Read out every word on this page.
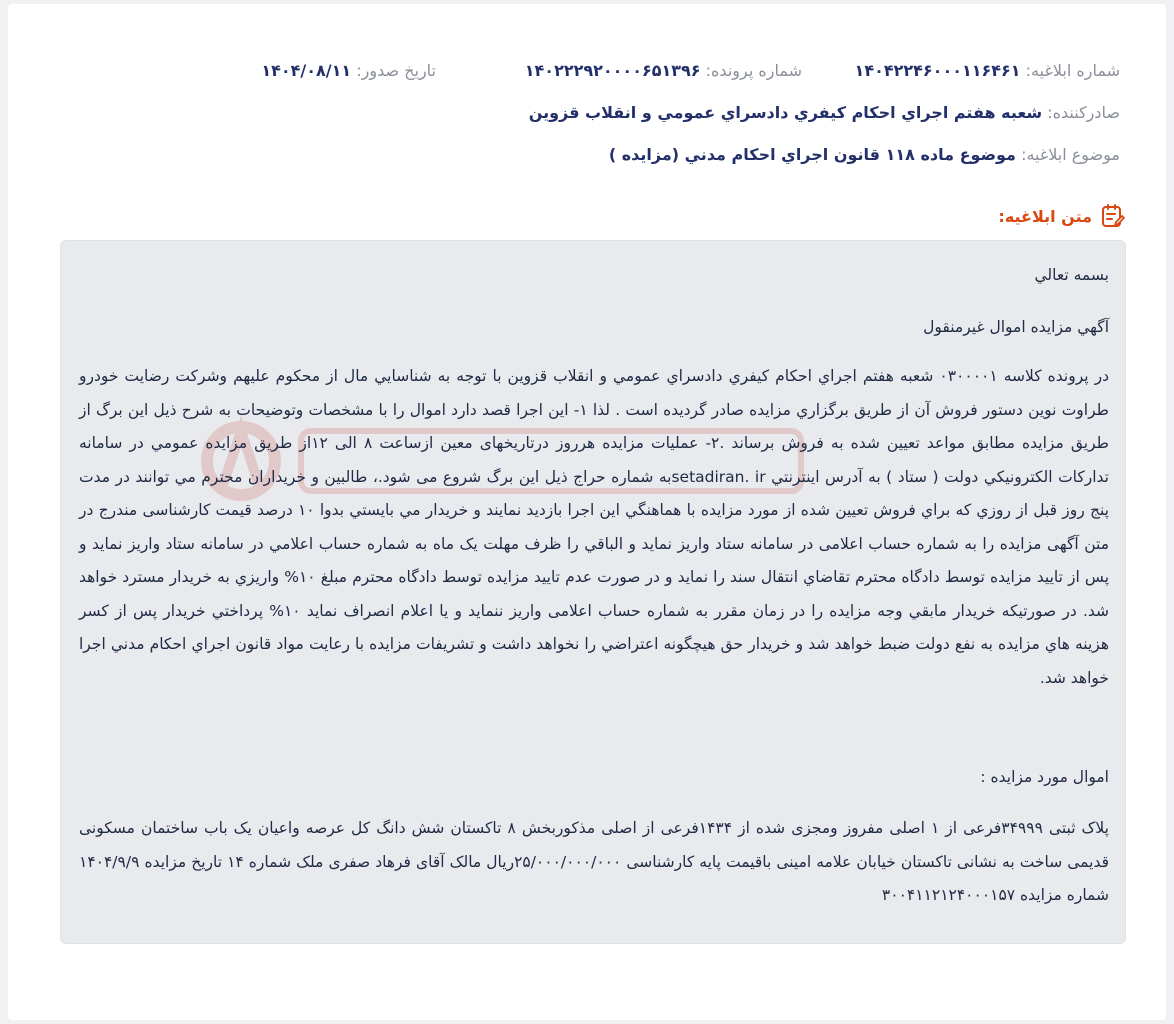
شماره ابلاغيه: ۱۴۰۴۲۲۴۶۰۰۰۱۱۶۴۶۱
شماره پرونده: ۱۴۰۲۲۲۹۲۰۰۰۰۶۵۱۳۹۶
تاريخ صدور: ۱۴۰۴/۰۸/۱۱
صادرکننده: شعبه هفتم اجراي احكام كيفري دادسراي عمومي و انقلاب قزوين
موضوع ابلاغيه: موضوع ماده ۱۱۸ قانون اجراي احکام مدني (مزايده )
متن ابلاغيه:
بسمه تعالي
آگهي مزايده اموال غيرمنقول
در پرونده كلاسه ۰۳۰۰۰۰۱ شعبه هفتم اجراي احكام كيفري دادسراي عمومي و انقلاب قزوين با توجه به شناسايي مال از محکوم علیهم وشرکت رضایت خودرو طراوت نوین دستور فروش آن از طريق برگزاري مزايده صادر گرديده است . لذا ۱- اين اجرا قصد دارد اموال را با مشخصات وتوضيحات به شرح ذيل اين برگ از طريق مزايده مطابق مواعد تعيين شده به فروش برساند .۲- عمليات مزايده هرروز درتاريخهای معين ازساعت ۸ الی ۱۲از طريق مزايده عمومي در سامانه تداركات الكترونيكي دولت ( ستاد ) به آدرس اينترنتي setadiran. irبه شماره حراج ذيل اين برگ شروع مى شود.، طالبين و خريداران محترم مي توانند در مدت پنج روز قبل از روزي كه براي فروش تعيين شده از مورد مزايده با هماهنگي اين اجرا بازديد نمايند و خريدار مي بايستي بدوا ۱۰ درصد قيمت كارشناسی مندرج در متن آگهی مزايده را به شماره حساب اعلامی در سامانه ستاد واريز نمايد و الباقي را ظرف مهلت یک ماه به شماره حساب اعلامي در سامانه ستاد واريز نمايد و پس از تاييد مزايده توسط دادگاه محترم تقاضاي انتقال سند را نمايد و در صورت عدم تاييد مزايده توسط دادگاه محترم مبلغ ۱۰% واريزي به خريدار مسترد خواهد شد. در صورتيكه خريدار مابقي وجه مزايده را در زمان مقرر به شماره حساب اعلامی واريز ننمايد و يا اعلام انصراف نمايد ۱۰% پرداختي خريدار پس از كسر هزينه هاي مزايده به نفع دولت ضبط خواهد شد و خريدار حق هيچگونه اعتراضي را نخواهد داشت و تشريفات مزايده با رعايت مواد قانون اجراي احكام مدني اجرا خواهد شد.
اموال مورد مزايده :
پلاک ثبتی ۳۴۹۹۹فرعی از ۱ اصلی مفروز ومجزی شده از ۱۴۳۴فرعی از اصلی مذکوربخش ۸ تاکستان شش دانگ کل عرصه واعیان یک باب ساختمان مسکونی قدیمی ساخت به نشانی تاکستان خیابان علامه امینی باقیمت پایه کارشناسی ۲۵/۰۰۰/۰۰۰/۰۰۰ریال مالک آقای فرهاد صفری ملک شماره ۱۴ تاریخ مزایده ۱۴۰۴/۹/۹ شماره مزایده ۳۰۰۴۱۱۲۱۲۴۰۰۰۱۵۷
